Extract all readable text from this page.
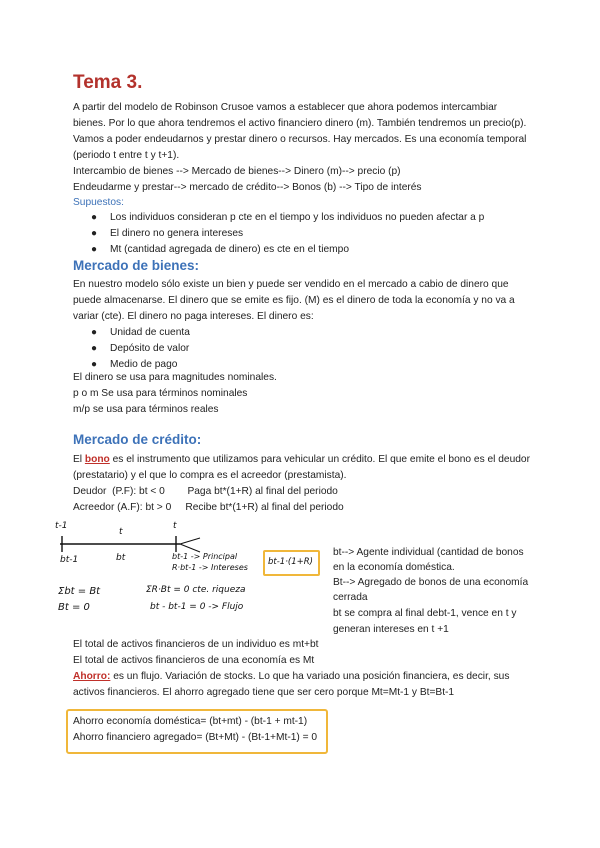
Tema 3.
A partir del modelo de Robinson Crusoe vamos a establecer que ahora podemos intercambiar
bienes. Por lo que ahora tendremos el activo financiero dinero (m). También tendremos un precio(p).
Vamos a poder endeudarnos y prestar dinero o recursos. Hay mercados. Es una economía temporal
(periodo t entre t y t+1).
Intercambio de bienes --> Mercado de bienes--> Dinero (m)--> precio (p)
Endeudarme y prestar--> mercado de crédito--> Bonos (b) --> Tipo de interés
Supuestos:
● Los individuos consideran p cte en el tiempo y los individuos no pueden afectar a p
● El dinero no genera intereses
● Mt (cantidad agregada de dinero) es cte en el tiempo
Mercado de bienes:
En nuestro modelo sólo existe un bien y puede ser vendido en el mercado a cabio de dinero que
puede almacenarse. El dinero que se emite es fijo. (M) es el dinero de toda la economía y no va a
variar (cte). El dinero no paga intereses. El dinero es:
● Unidad de cuenta
● Depósito de valor
● Medio de pago
El dinero se usa para magnitudes nominales.
p o m Se usa para términos nominales
m/p se usa para términos reales
Mercado de crédito:
El bono es el instrumento que utilizamos para vehicular un crédito. El que emite el bono es el deudor
(prestatario) y el que lo compra es el acreedor (prestamista).
Deudor  (P.F): bt < 0        Paga bt*(1+R) al final del periodo
Acreedor (A.F): bt > 0     Recibe bt*(1+R) al final del periodo
t-1
t
t
bt-1	bt	bt-1 -> Principal
R·bt-1 -> Intereses
bt-1·(1+R)
Σbt = Bt
Bt = 0
ΣR·Bt = 0 cte. riqueza
bt - bt-1 = 0 -> Flujo
bt--> Agente individual (cantidad de bonos
en la economía doméstica.
Bt--> Agregado de bonos de una economía
cerrada
bt se compra al final debt-1, vence en t y
generan intereses en t +1
El total de activos financieros de un individuo es mt+bt
El total de activos financieros de una economía es Mt
Ahorro: es un flujo. Variación de stocks. Lo que ha variado una posición financiera, es decir, sus
activos financieros. El ahorro agregado tiene que ser cero porque Mt=Mt-1 y Bt=Bt-1
Ahorro economía doméstica= (bt+mt) - (bt-1 + mt-1)
Ahorro financiero agregado= (Bt+Mt) - (Bt-1+Mt-1) = 0
